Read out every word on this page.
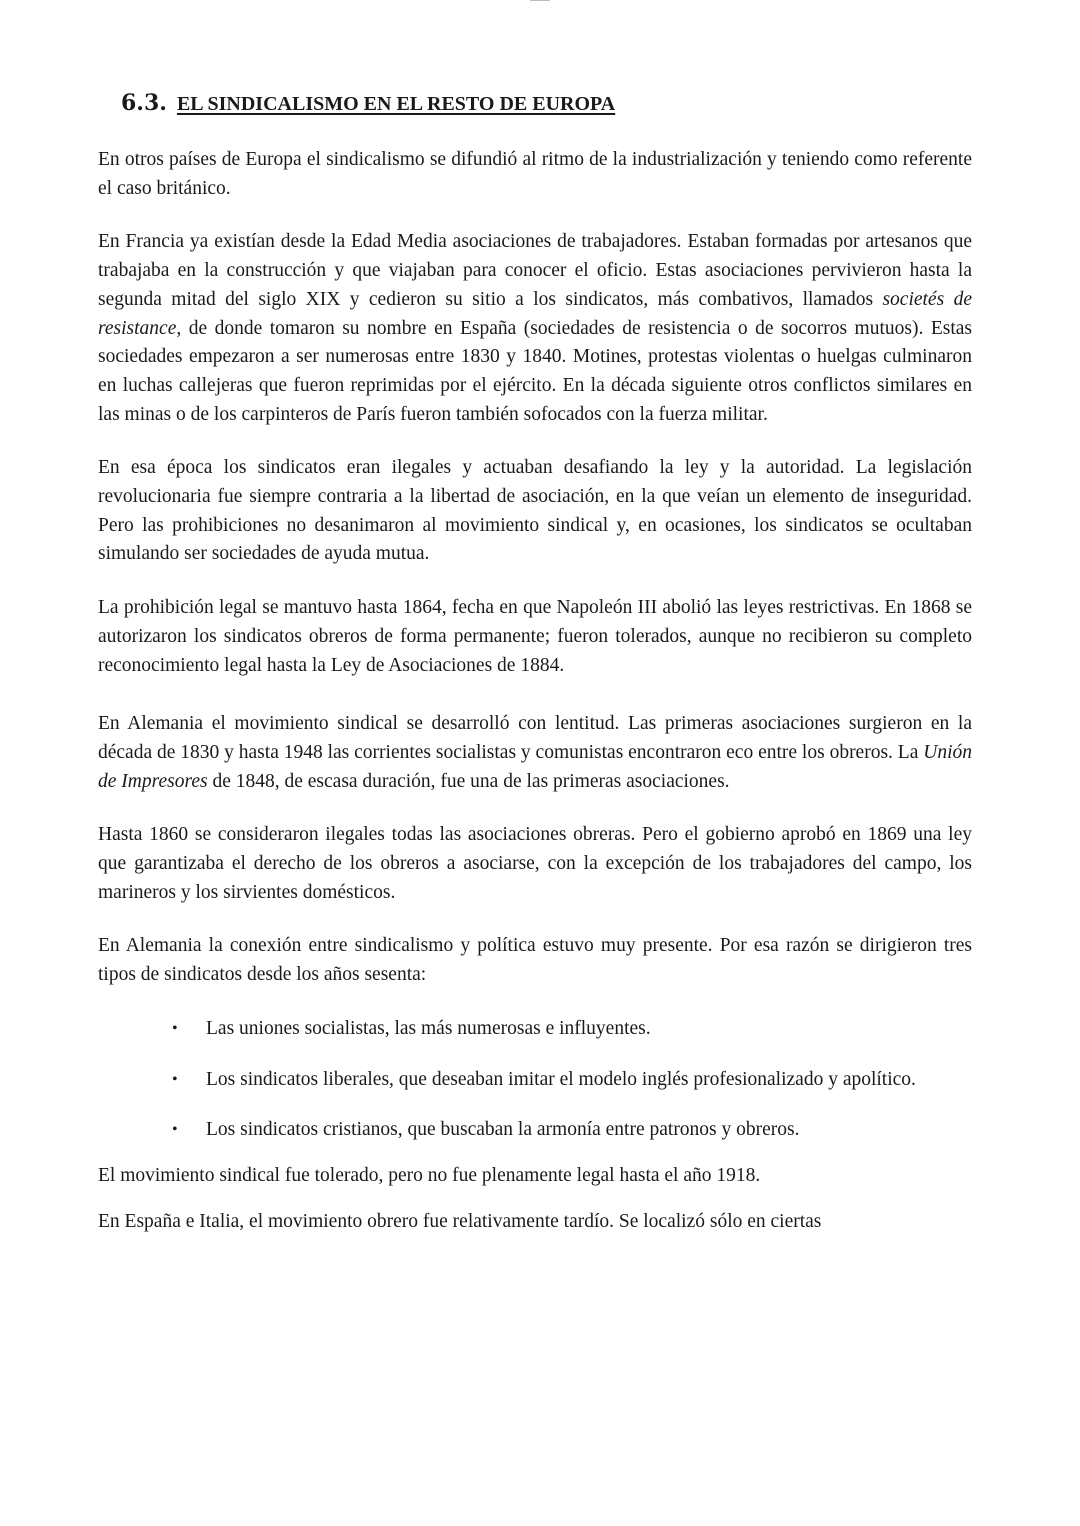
6.3. EL SINDICALISMO EN EL RESTO DE EUROPA

En otros países de Europa el sindicalismo se difundió al ritmo de la industrialización y teniendo como referente el caso británico.

En Francia ya existían desde la Edad Media asociaciones de trabajadores. Estaban formadas por artesanos que trabajaba en la construcción y que viajaban para conocer el oficio. Estas asociaciones pervivieron hasta la segunda mitad del siglo XIX y cedieron su sitio a los sindicatos, más combativos, llamados societés de resistance, de donde tomaron su nombre en España (sociedades de resistencia o de socorros mutuos). Estas sociedades empezaron a ser numerosas entre 1830 y 1840. Motines, protestas violentas o huelgas culminaron en luchas callejeras que fueron reprimidas por el ejército. En la década siguiente otros conflictos similares en las minas o de los carpinteros de París fueron también sofocados con la fuerza militar.

En esa época los sindicatos eran ilegales y actuaban desafiando la ley y la autoridad. La legislación revolucionaria fue siempre contraria a la libertad de asociación, en la que veían un elemento de inseguridad. Pero las prohibiciones no desanimaron al movimiento sindical y, en ocasiones, los sindicatos se ocultaban simulando ser sociedades de ayuda mutua.

La prohibición legal se mantuvo hasta 1864, fecha en que Napoleón III abolió las leyes restrictivas. En 1868 se autorizaron los sindicatos obreros de forma permanente; fueron tolerados, aunque no recibieron su completo reconocimiento legal hasta la Ley de Asociaciones de 1884.

En Alemania el movimiento sindical se desarrolló con lentitud. Las primeras asociaciones surgieron en la década de 1830 y hasta 1948 las corrientes socialistas y comunistas encontraron eco entre los obreros. La Unión de Impresores de 1848, de escasa duración, fue una de las primeras asociaciones.

Hasta 1860 se consideraron ilegales todas las asociaciones obreras. Pero el gobierno aprobó en 1869 una ley que garantizaba el derecho de los obreros a asociarse, con la excepción de los trabajadores del campo, los marineros y los sirvientes domésticos.

En Alemania la conexión entre sindicalismo y política estuvo muy presente. Por esa razón se dirigieron tres tipos de sindicatos desde los años sesenta:

• Las uniones socialistas, las más numerosas e influyentes.
• Los sindicatos liberales, que deseaban imitar el modelo inglés profesionalizado y apolítico.
• Los sindicatos cristianos, que buscaban la armonía entre patronos y obreros.

El movimiento sindical fue tolerado, pero no fue plenamente legal hasta el año 1918.

En España e Italia, el movimiento obrero fue relativamente tardío. Se localizó sólo en ciertas
